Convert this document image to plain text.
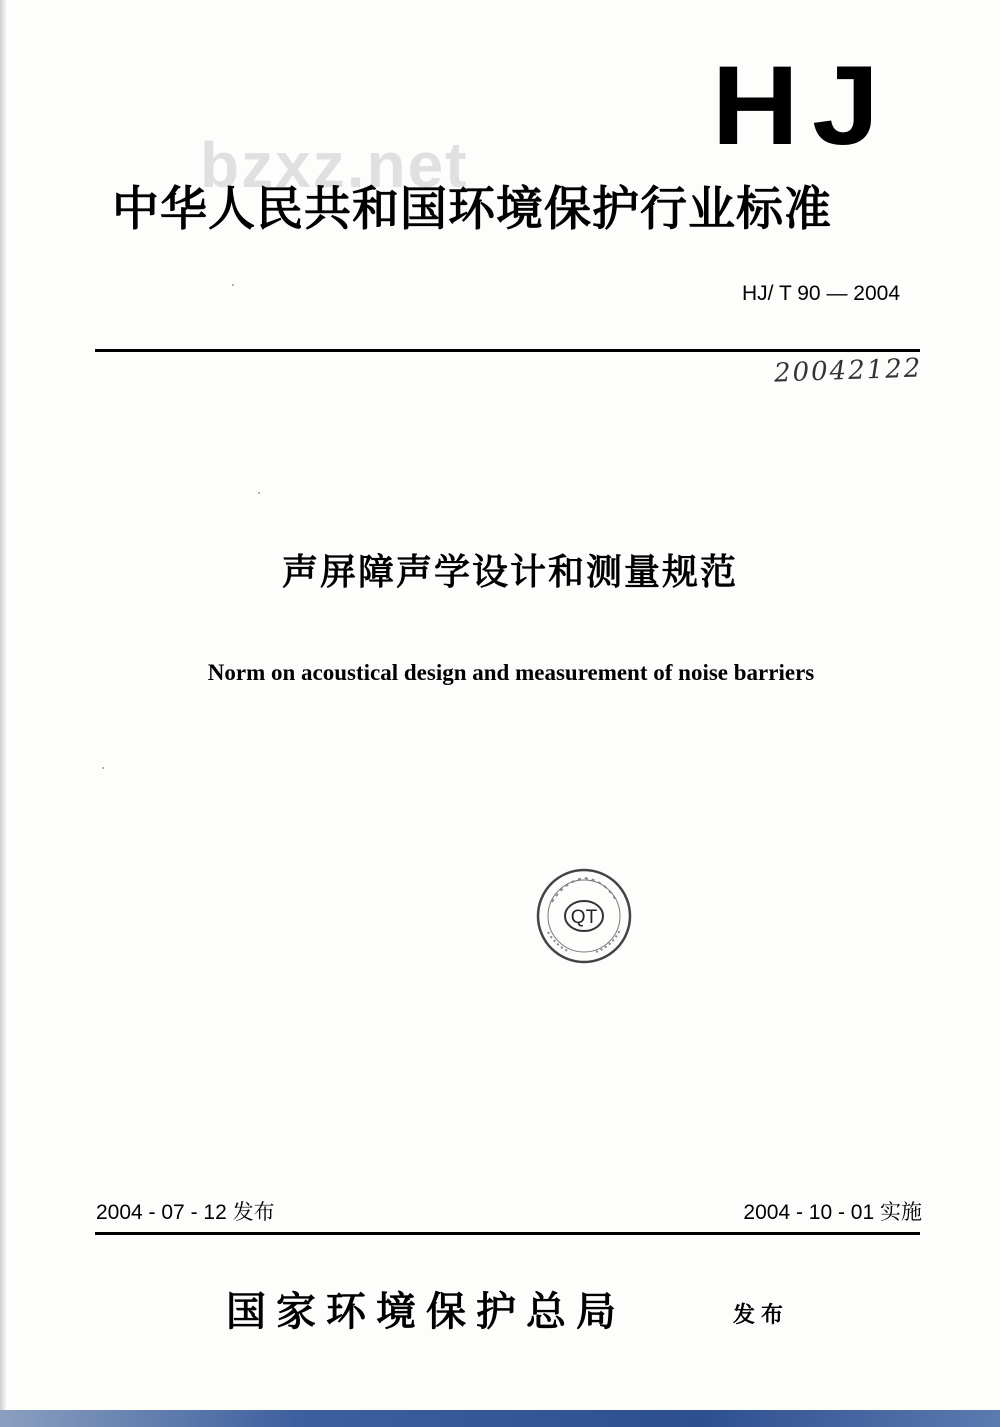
bzxz.net HJ
中华人民共和国环境保护行业标准
HJ/ T 90 — 2004
20042122
声屏障声学设计和测量规范
Norm on acoustical design and measurement of noise barriers
QT
2004 - 07 - 12 发布	2004 - 10 - 01 实施
国家环境保护总局	发布
